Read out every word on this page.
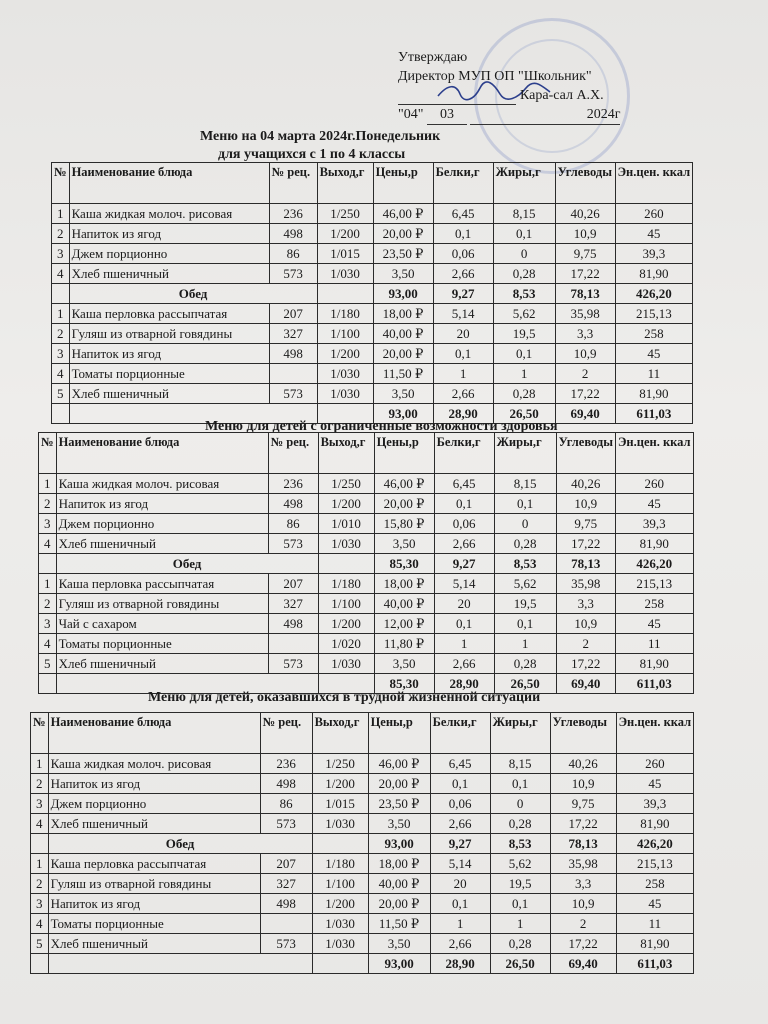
Утверждаю
Директор МУП ОП "Школьник"
Кара-сал А.Х.
"04" 03	2024г
Меню на 04 марта 2024г.Понедельник
для учащихся с 1 по 4 классы
№	Наименование блюда	№ рец.	Выход,г	Цены,р	Белки,г	Жиры,г	Углеводы	Эн.цен. ккал
1	Каша жидкая молоч. рисовая	236	1/250	46,00 ₽	6,45	8,15	40,26	260
2	Напиток из ягод	498	1/200	20,00 ₽	0,1	0,1	10,9	45
3	Джем порционно	86	1/015	23,50 ₽	0,06	0	9,75	39,3
4	Хлеб пшеничный	573	1/030	3,50	2,66	0,28	17,22	81,90
	Обед			93,00	9,27	8,53	78,13	426,20
1	Каша перловка рассыпчатая	207	1/180	18,00 ₽	5,14	5,62	35,98	215,13
2	Гуляш из отварной говядины	327	1/100	40,00 ₽	20	19,5	3,3	258
3	Напиток из ягод	498	1/200	20,00 ₽	0,1	0,1	10,9	45
4	Томаты порционные		1/030	11,50 ₽	1	1	2	11
5	Хлеб пшеничный	573	1/030	3,50	2,66	0,28	17,22	81,90
				93,00	28,90	26,50	69,40	611,03
Меню для детей с ограниченные возможности здоровья
№	Наименование блюда	№ рец.	Выход,г	Цены,р	Белки,г	Жиры,г	Углеводы	Эн.цен. ккал
1	Каша жидкая молоч. рисовая	236	1/250	46,00 ₽	6,45	8,15	40,26	260
2	Напиток из ягод	498	1/200	20,00 ₽	0,1	0,1	10,9	45
3	Джем порционно	86	1/010	15,80 ₽	0,06	0	9,75	39,3
4	Хлеб пшеничный	573	1/030	3,50	2,66	0,28	17,22	81,90
	Обед			85,30	9,27	8,53	78,13	426,20
1	Каша перловка рассыпчатая	207	1/180	18,00 ₽	5,14	5,62	35,98	215,13
2	Гуляш из отварной говядины	327	1/100	40,00 ₽	20	19,5	3,3	258
3	Чай с сахаром	498	1/200	12,00 ₽	0,1	0,1	10,9	45
4	Томаты порционные		1/020	11,80 ₽	1	1	2	11
5	Хлеб пшеничный	573	1/030	3,50	2,66	0,28	17,22	81,90
				85,30	28,90	26,50	69,40	611,03
Меню для детей, оказавшихся в трудной жизненной ситуации
№	Наименование блюда	№ рец.	Выход,г	Цены,р	Белки,г	Жиры,г	Углеводы	Эн.цен. ккал
1	Каша жидкая молоч. рисовая	236	1/250	46,00 ₽	6,45	8,15	40,26	260
2	Напиток из ягод	498	1/200	20,00 ₽	0,1	0,1	10,9	45
3	Джем порционно	86	1/015	23,50 ₽	0,06	0	9,75	39,3
4	Хлеб пшеничный	573	1/030	3,50	2,66	0,28	17,22	81,90
	Обед			93,00	9,27	8,53	78,13	426,20
1	Каша перловка рассыпчатая	207	1/180	18,00 ₽	5,14	5,62	35,98	215,13
2	Гуляш из отварной говядины	327	1/100	40,00 ₽	20	19,5	3,3	258
3	Напиток из ягод	498	1/200	20,00 ₽	0,1	0,1	10,9	45
4	Томаты порционные		1/030	11,50 ₽	1	1	2	11
5	Хлеб пшеничный	573	1/030	3,50	2,66	0,28	17,22	81,90
				93,00	28,90	26,50	69,40	611,03
